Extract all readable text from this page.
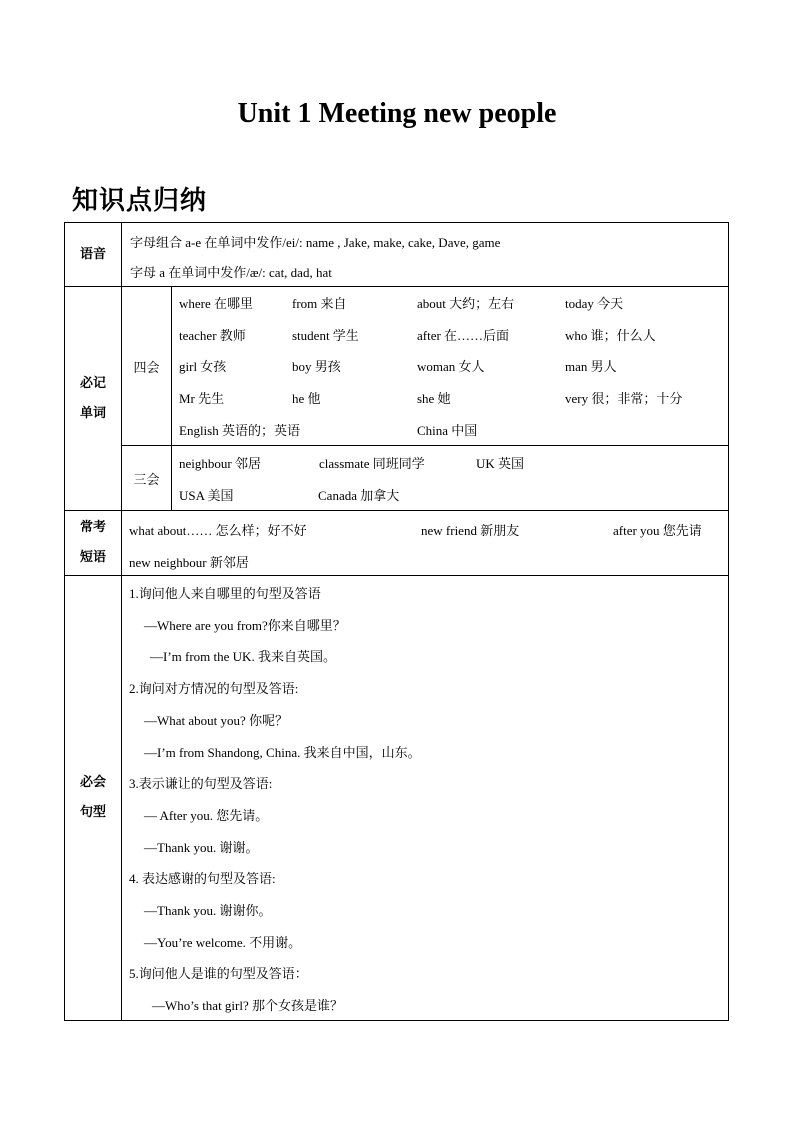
Unit 1 Meeting new people
知识点归纳
语音
字母组合 a-e 在单词中发作/ei/: name , Jake, make, cake, Dave, game
字母 a 在单词中发作/æ/: cat, dad, hat
必记
单词
四会
where 在哪里	from 来自	about 大约；左右	today 今天
teacher 教师	student 学生	after 在……后面	who 谁；什么人
girl 女孩	boy 男孩	woman 女人	man 男人
Mr 先生	he 他	she 她	very 很；非常；十分
English 英语的；英语	China 中国
三会
neighbour 邻居	classmate 同班同学	UK 英国
USA 美国	Canada 加拿大
常考
短语
what about…… 怎么样；好不好	new friend 新朋友	after you 您先请
new neighbour 新邻居
必会
句型
1.询问他人来自哪里的句型及答语
—Where are you from?你来自哪里？
—I’m from the UK. 我来自英国。
2.询问对方情况的句型及答语:
—What about you? 你呢？
—I’m from Shandong, China. 我来自中国，山东。
3.表示谦让的句型及答语:
— After you. 您先请。
—Thank you. 谢谢。
4. 表达感谢的句型及答语:
—Thank you. 谢谢你。
—You’re welcome. 不用谢。
5.询问他人是谁的句型及答语：
—Who’s that girl? 那个女孩是谁？
